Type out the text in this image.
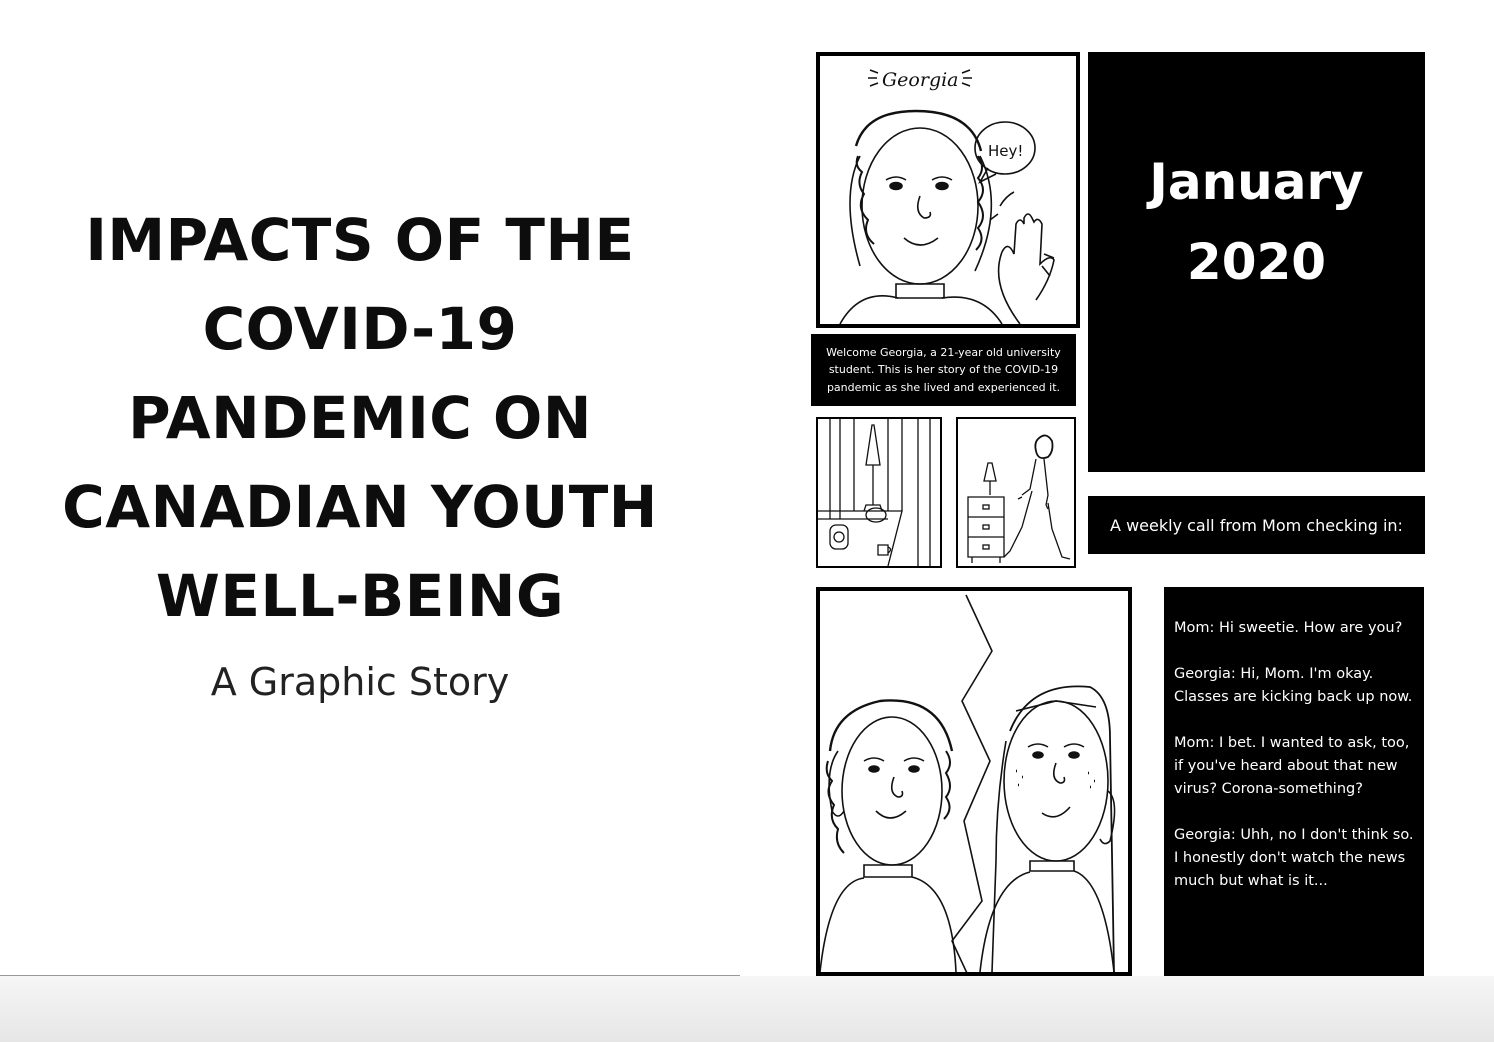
IMPACTS OF THE
COVID-19
PANDEMIC ON
CANADIAN YOUTH
WELL-BEING
A Graphic Story
Georgia
Hey!
Welcome Georgia, a 21-year old university student. This is her story of the COVID-19 pandemic as she lived and experienced it.
January
2020
A weekly call from Mom checking in:

Mom: Hi sweetie. How are you?

Georgia: Hi, Mom. I'm okay. Classes are kicking back up now.

Mom: I bet. I wanted to ask, too, if you've heard about that new virus? Corona-something?

Georgia: Uhh, no I don't think so. I honestly don't watch the news much but what is it...
